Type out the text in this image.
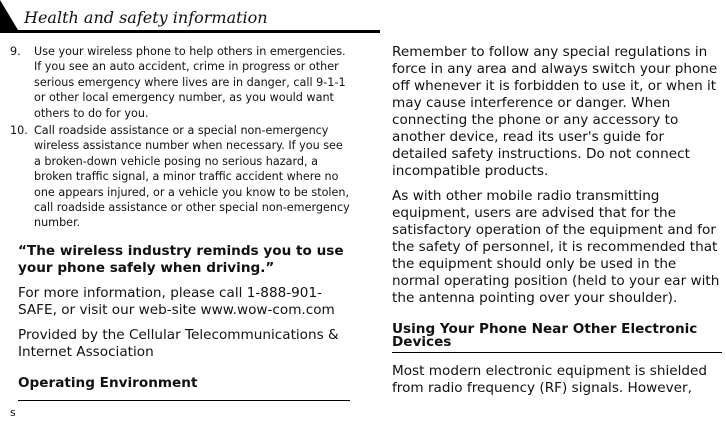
Health and safety information
9. Use your wireless phone to help others in emergencies. If you see an auto accident, crime in progress or other serious emergency where lives are in danger, call 9-1-1 or other local emergency number, as you would want others to do for you.
10. Call roadside assistance or a special non-emergency wireless assistance number when necessary. If you see a broken-down vehicle posing no serious hazard, a broken traffic signal, a minor traffic accident where no one appears injured, or a vehicle you know to be stolen, call roadside assistance or other special non-emergency number.
“The wireless industry reminds you to use your phone safely when driving.”
For more information, please call 1-888-901-SAFE, or visit our web-site www.wow-com.com
Provided by the Cellular Telecommunications & Internet Association
Operating Environment
Remember to follow any special regulations in force in any area and always switch your phone off whenever it is forbidden to use it, or when it may cause interference or danger. When connecting the phone or any accessory to another device, read its user's guide for detailed safety instructions. Do not connect incompatible products.
As with other mobile radio transmitting equipment, users are advised that for the satisfactory operation of the equipment and for the safety of personnel, it is recommended that the equipment should only be used in the normal operating position (held to your ear with the antenna pointing over your shoulder).
Using Your Phone Near Other Electronic Devices
Most modern electronic equipment is shielded from radio frequency (RF) signals. However,
s
